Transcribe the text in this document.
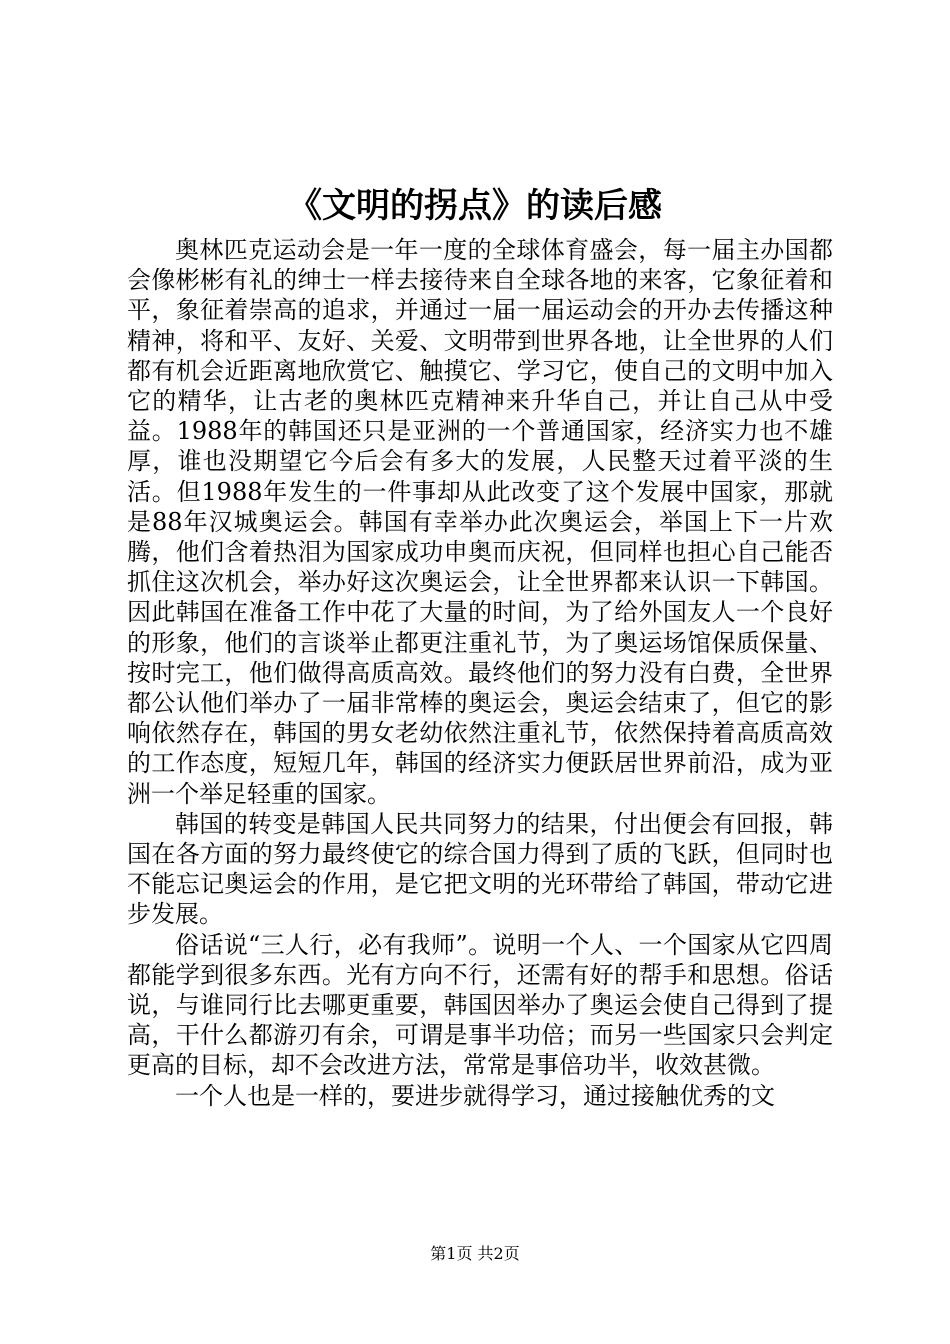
《文明的拐点》的读后感

奥林匹克运动会是一年一度的全球体育盛会，每一届主办国都会像彬彬有礼的绅士一样去接待来自全球各地的来客，它象征着和平，象征着崇高的追求，并通过一届一届运动会的开办去传播这种精神，将和平、友好、关爱、文明带到世界各地，让全世界的人们都有机会近距离地欣赏它、触摸它、学习它，使自己的文明中加入它的精华，让古老的奥林匹克精神来升华自己，并让自己从中受益。1988年的韩国还只是亚洲的一个普通国家，经济实力也不雄厚，谁也没期望它今后会有多大的发展，人民整天过着平淡的生活。但1988年发生的一件事却从此改变了这个发展中国家，那就是88年汉城奥运会。韩国有幸举办此次奥运会，举国上下一片欢腾，他们含着热泪为国家成功申奥而庆祝，但同样也担心自己能否抓住这次机会，举办好这次奥运会，让全世界都来认识一下韩国。因此韩国在准备工作中花了大量的时间，为了给外国友人一个良好的形象，他们的言谈举止都更注重礼节，为了奥运场馆保质保量、按时完工，他们做得高质高效。最终他们的努力没有白费，全世界都公认他们举办了一届非常棒的奥运会，奥运会结束了，但它的影响依然存在，韩国的男女老幼依然注重礼节，依然保持着高质高效的工作态度，短短几年，韩国的经济实力便跃居世界前沿，成为亚洲一个举足轻重的国家。

韩国的转变是韩国人民共同努力的结果，付出便会有回报，韩国在各方面的努力最终使它的综合国力得到了质的飞跃，但同时也不能忘记奥运会的作用，是它把文明的光环带给了韩国，带动它进步发展。

俗话说“三人行，必有我师”。说明一个人、一个国家从它四周都能学到很多东西。光有方向不行，还需有好的帮手和思想。俗话说，与谁同行比去哪更重要，韩国因举办了奥运会使自己得到了提高，干什么都游刃有余，可谓是事半功倍；而另一些国家只会判定更高的目标，却不会改进方法，常常是事倍功半，收效甚微。

一个人也是一样的，要进步就得学习，通过接触优秀的文

第1页 共2页
